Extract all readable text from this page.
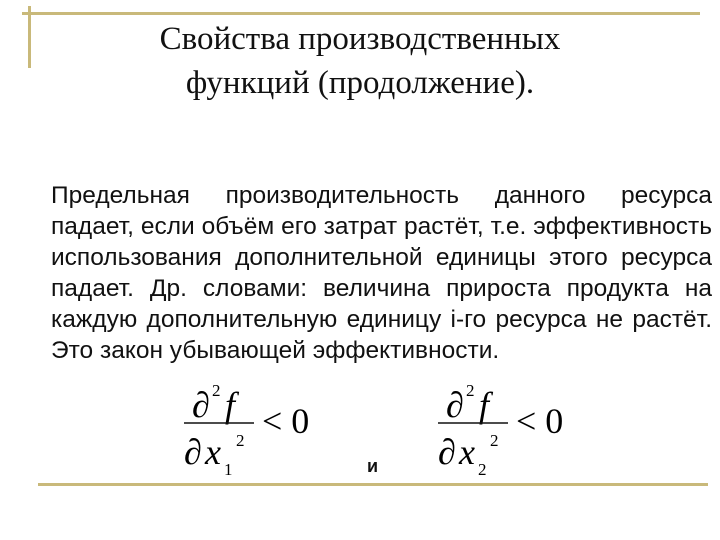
Свойства производственных
функций (продолжение).
Предельная производительность данного ресурса падает, если объём его затрат растёт, т.е. эффективность использования дополнительной единицы этого ресурса падает. Др. словами: величина прироста продукта на каждую дополнительную единицу i-го ресурса не растёт. Это закон убывающей эффективности.
∂ 2 f
∂ x 1
2 < 0	∂ 2 f
∂ x 2
2 < 0
и
